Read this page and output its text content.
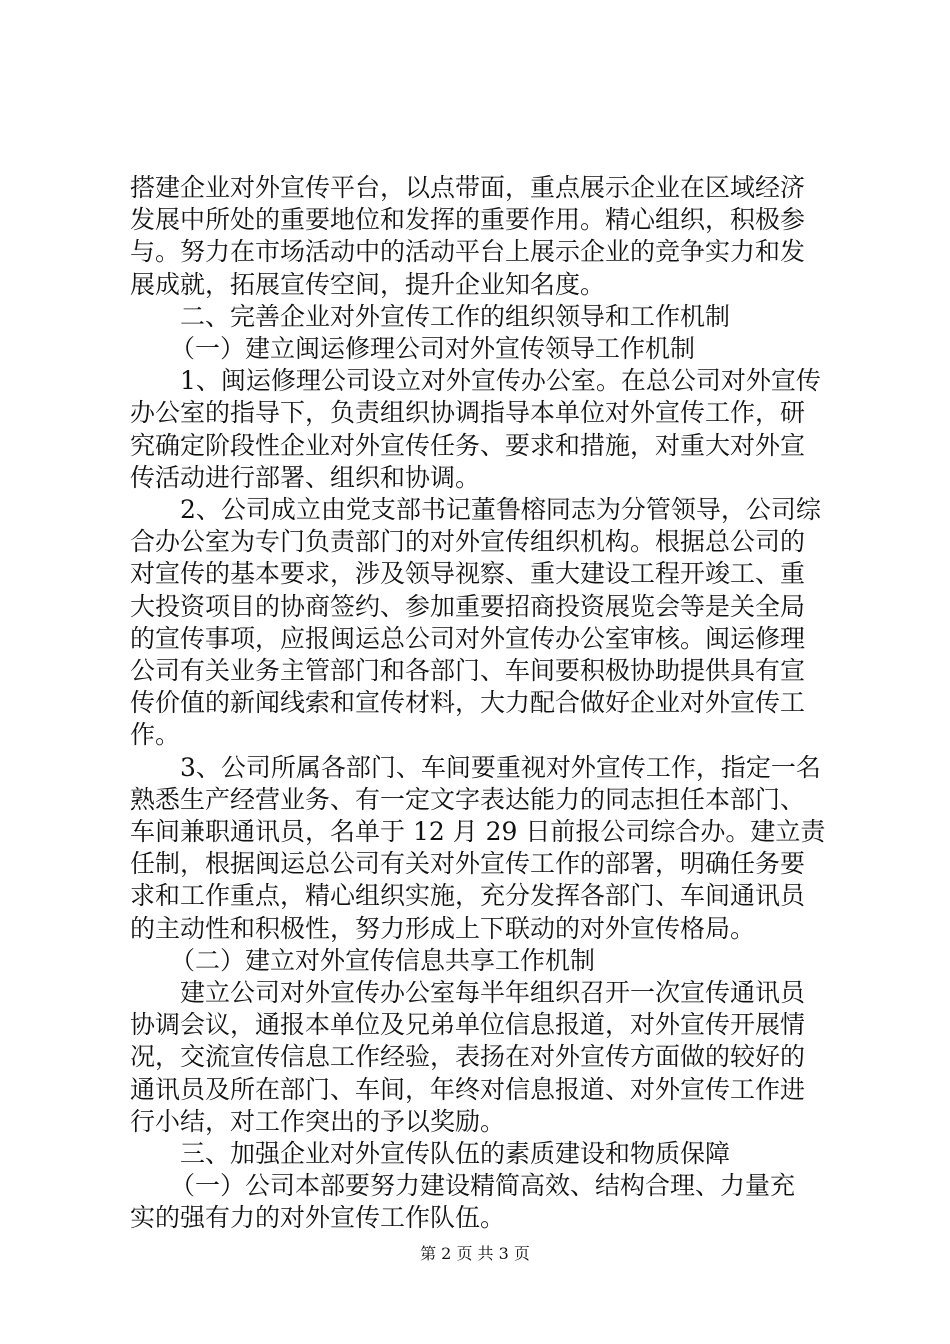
搭建企业对外宣传平台，以点带面，重点展示企业在区域经济
发展中所处的重要地位和发挥的重要作用。精心组织，积极参
与。努力在市场活动中的活动平台上展示企业的竞争实力和发
展成就，拓展宣传空间，提升企业知名度。
二、完善企业对外宣传工作的组织领导和工作机制
（一）建立闽运修理公司对外宣传领导工作机制
1、闽运修理公司设立对外宣传办公室。在总公司对外宣传
办公室的指导下，负责组织协调指导本单位对外宣传工作，研
究确定阶段性企业对外宣传任务、要求和措施，对重大对外宣
传活动进行部署、组织和协调。
2、公司成立由党支部书记董鲁榕同志为分管领导，公司综
合办公室为专门负责部门的对外宣传组织机构。根据总公司的
对宣传的基本要求，涉及领导视察、重大建设工程开竣工、重
大投资项目的协商签约、参加重要招商投资展览会等是关全局
的宣传事项，应报闽运总公司对外宣传办公室审核。闽运修理
公司有关业务主管部门和各部门、车间要积极协助提供具有宣
传价值的新闻线索和宣传材料，大力配合做好企业对外宣传工
作。
3、公司所属各部门、车间要重视对外宣传工作，指定一名
熟悉生产经营业务、有一定文字表达能力的同志担任本部门、
车间兼职通讯员，名单于 12 月 29 日前报公司综合办。建立责
任制，根据闽运总公司有关对外宣传工作的部署，明确任务要
求和工作重点，精心组织实施，充分发挥各部门、车间通讯员
的主动性和积极性，努力形成上下联动的对外宣传格局。
（二）建立对外宣传信息共享工作机制
建立公司对外宣传办公室每半年组织召开一次宣传通讯员
协调会议，通报本单位及兄弟单位信息报道，对外宣传开展情
况，交流宣传信息工作经验，表扬在对外宣传方面做的较好的
通讯员及所在部门、车间，年终对信息报道、对外宣传工作进
行小结，对工作突出的予以奖励。
三、加强企业对外宣传队伍的素质建设和物质保障
（一）公司本部要努力建设精简高效、结构合理、力量充
实的强有力的对外宣传工作队伍。
第 2 页 共 3 页
